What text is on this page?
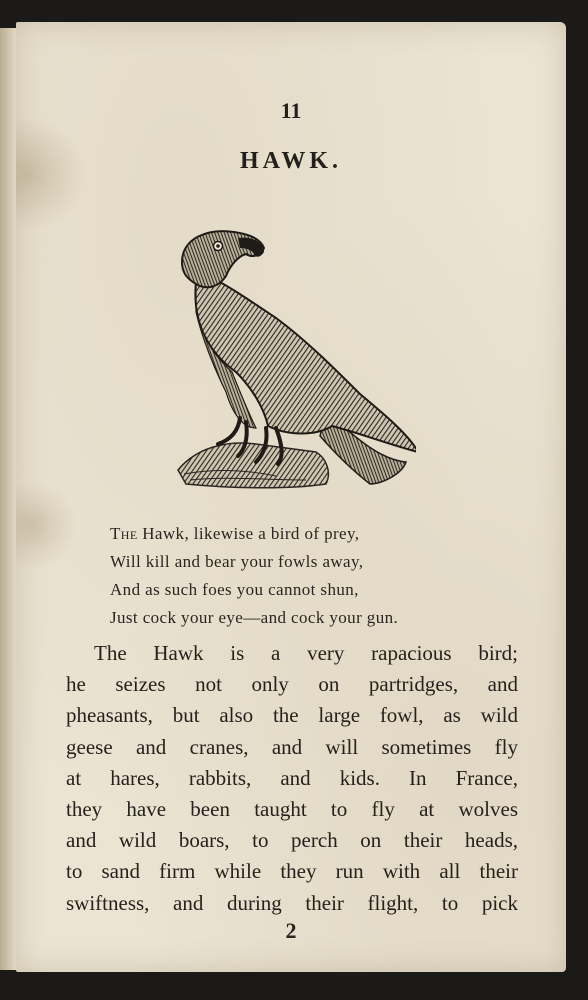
11
HAWK.
The Hawk, likewise a bird of prey,
Will kill and bear your fowls away,
And as such foes you cannot shun,
Just cock your eye—and cock your gun.
The Hawk is a very rapacious bird;
he seizes not only on partridges, and
pheasants, but also the large fowl, as wild
geese and cranes, and will sometimes fly
at hares, rabbits, and kids. In France,
they have been taught to fly at wolves
and wild boars, to perch on their heads,
to sand firm while they run with all their
swiftness, and during their flight, to pick
2
